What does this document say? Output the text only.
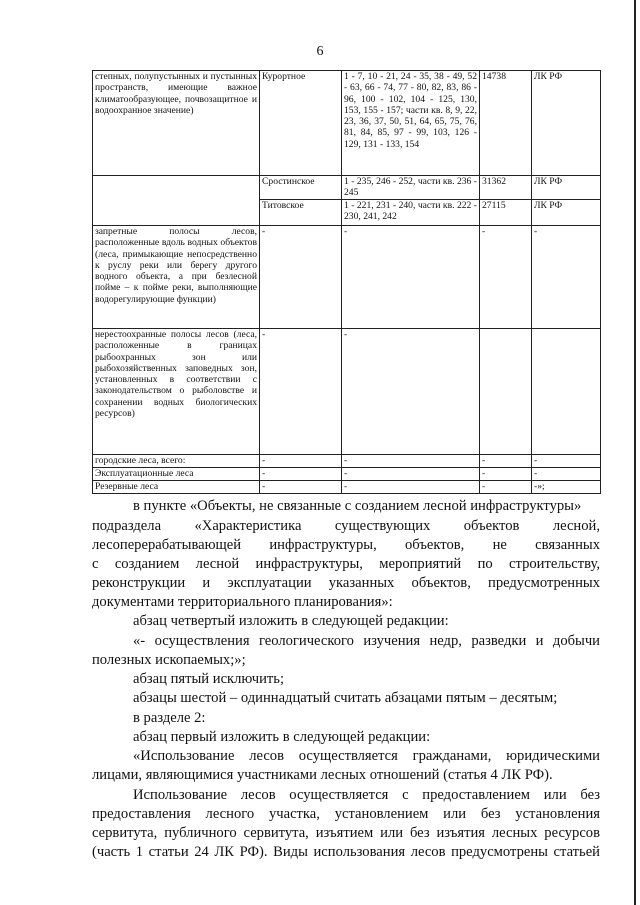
6
степных, полупустынных и пустынных пространств, имеющие важное климатообразующее, почвозащитное и водоохранное значение)	Курортное	1 - 7, 10 - 21, 24 - 35, 38 - 49, 52 - 63, 66 - 74, 77 - 80, 82, 83, 86 - 96, 100 - 102, 104 - 125, 130, 153, 155 - 157; части кв. 8, 9, 22, 23, 36, 37, 50, 51, 64, 65, 75, 76, 81, 84, 85, 97 - 99, 103, 126 - 129, 131 - 133, 154	14738	ЛК РФ
	Сростинское	1 - 235, 246 - 252, части кв. 236 - 245	31362	ЛК РФ
	Титовское	1 - 221, 231 - 240, части кв. 222 - 230, 241, 242	27115	ЛК РФ
запретные полосы лесов, расположенные вдоль водных объектов (леса, примыкающие непосредственно к руслу реки или берегу другого водного объекта, а при безлесной пойме – к пойме реки, выполняющие водорегулирующие функции)	-	-	-	-
нерестоохранные полосы лесов (леса, расположенные в границах рыбоохранных зон или рыбохозяйственных заповедных зон, установленных в соответствии с законодательством о рыболовстве и сохранении водных биологических ресурсов)	-	-		
городские леса, всего:	-	-	-	-
Эксплуатационные леса	-	-	-	-
Резервные леса	-	-	-	-»;
в пункте «Объекты, не связанные с созданием лесной инфраструктуры»
подраздела «Характеристика существующих объектов лесной,
лесоперерабатывающей инфраструктуры, объектов, не связанных
с созданием лесной инфраструктуры, мероприятий по строительству,
реконструкции и эксплуатации указанных объектов, предусмотренных
документами территориального планирования»:
абзац четвертый изложить в следующей редакции:
«- осуществления геологического изучения недр, разведки и добычи
полезных ископаемых;»;
абзац пятый исключить;
абзацы шестой – одиннадцатый считать абзацами пятым – десятым;
в разделе 2:
абзац первый изложить в следующей редакции:
«Использование лесов осуществляется гражданами, юридическими
лицами, являющимися участниками лесных отношений (статья 4 ЛК РФ).
Использование лесов осуществляется с предоставлением или без
предоставления лесного участка, установлением или без установления
сервитута, публичного сервитута, изъятием или без изъятия лесных ресурсов
(часть 1 статьи 24 ЛК РФ). Виды использования лесов предусмотрены статьей
